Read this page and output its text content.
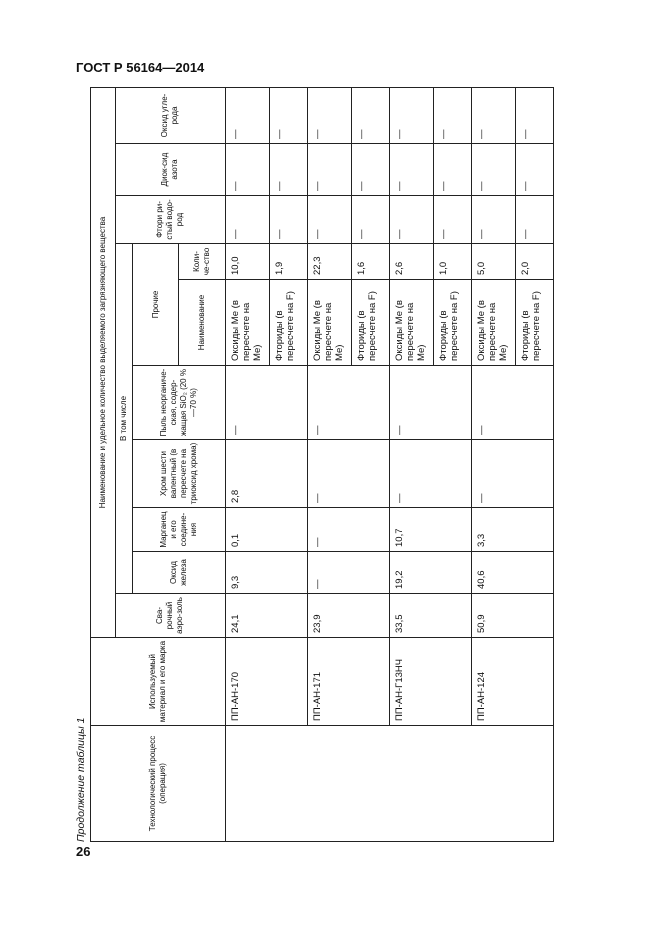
ГОСТ Р 56164—2014
Продолжение таблицы 1
												Технологический процесс (операция)	Используемый материал и его марка	Наименование и удельное количество выделяемого загрязняющего вещества									
		Сва-рочный аэро-золь	В том числе						Фтори ри-стый водо-род	Диок-сид азота	Оксид угле-рода
			Оксид железа	Марганец и его соедине-ния	Хром шести валентный (в пересчете на триоксид хрома)	Пыль неорганиче-ская, содер-жащая SiO₂ (20 %—70 %)	Прочие				
							Наименование	Коли-че-ство			
	ПП-АН-170	24,1	9,3	0,1	2,8	—	Оксиды Ме (в пересчете на Ме)	10,0	—	—	—
							Фториды (в пересчете на F)	1,9	—	—	—
	ПП-АН-171	23,9	—	—	—	—	Оксиды Ме (в пересчете на Ме)	22,3	—	—	—
							Фториды (в пересчете на F)	1,6	—	—	—
	ПП-АН-Г13НЧ	33,5	19,2	10,7	—	—	Оксиды Ме (в пересчете на Ме)	2,6	—	—	—
							Фториды (в пересчете на F)	1,0	—	—	—
	ПП-АН-124	50,9	40,6	3,3	—	—	Оксиды Ме (в пересчете на Ме)	5,0	—	—	—
							Фториды (в пересчете на F)	2,0	—	—	—
26
